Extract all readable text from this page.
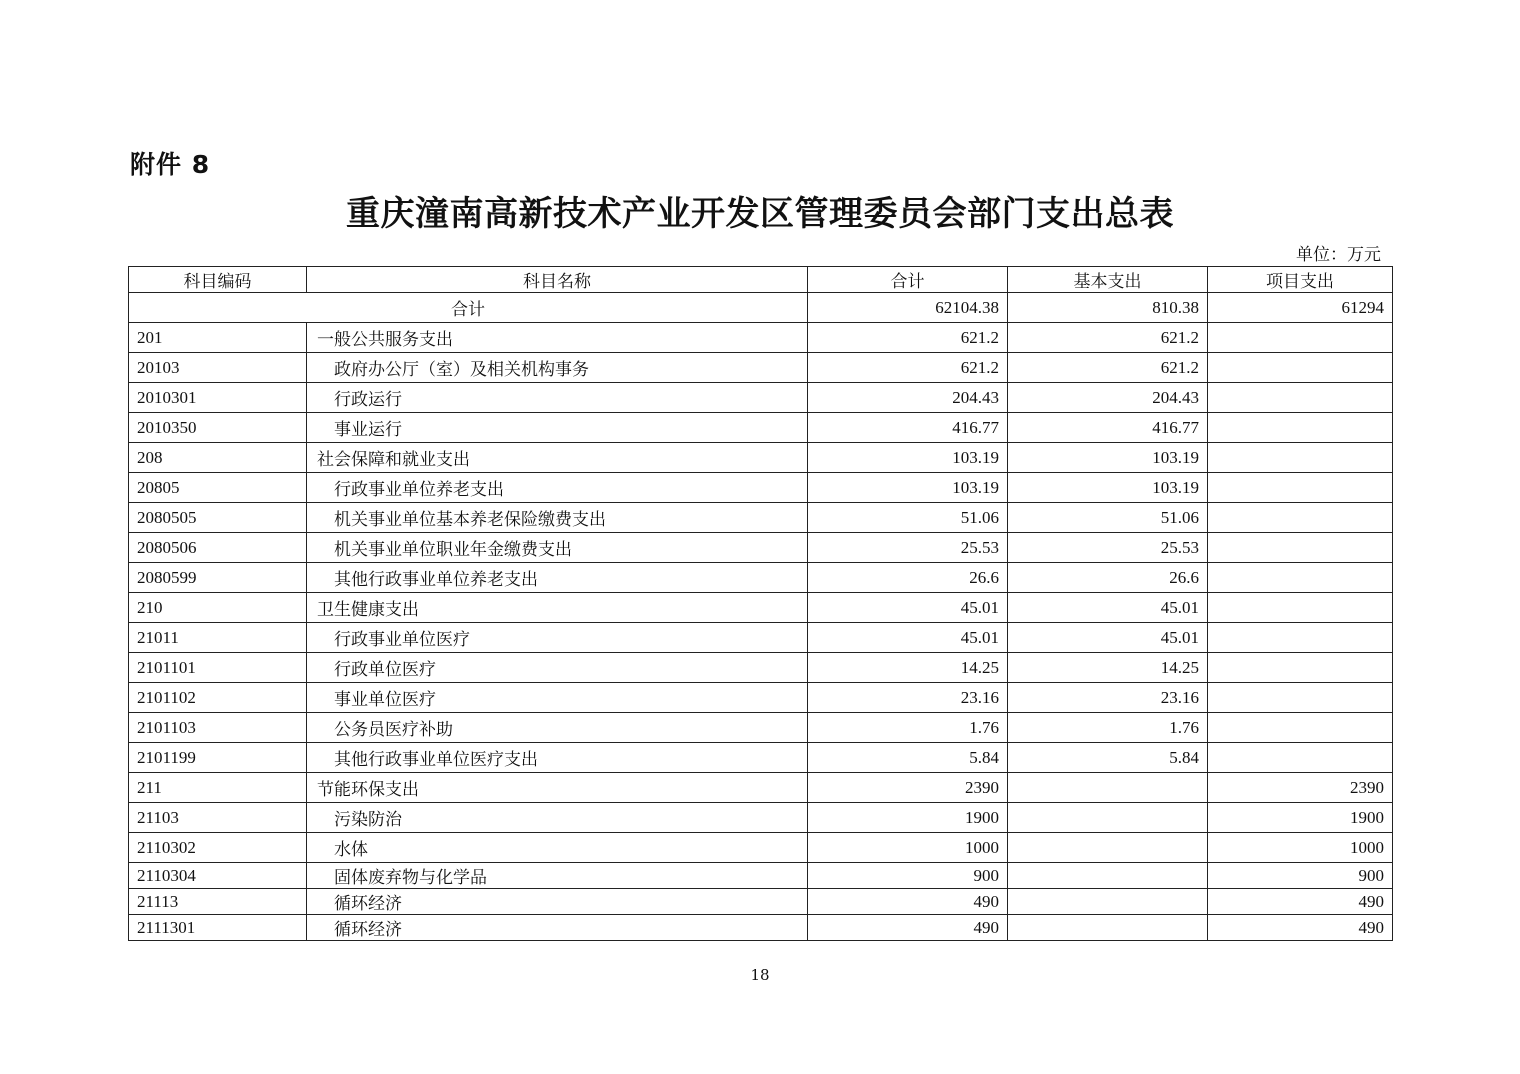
附件 8
重庆潼南高新技术产业开发区管理委员会部门支出总表
单位：万元
科目编码	科目名称	合计	基本支出	项目支出
合计		62104.38	810.38	61294
201	一般公共服务支出	621.2	621.2	
20103	政府办公厅（室）及相关机构事务	621.2	621.2	
2010301	行政运行	204.43	204.43	
2010350	事业运行	416.77	416.77	
208	社会保障和就业支出	103.19	103.19	
20805	行政事业单位养老支出	103.19	103.19	
2080505	机关事业单位基本养老保险缴费支出	51.06	51.06	
2080506	机关事业单位职业年金缴费支出	25.53	25.53	
2080599	其他行政事业单位养老支出	26.6	26.6	
210	卫生健康支出	45.01	45.01	
21011	行政事业单位医疗	45.01	45.01	
2101101	行政单位医疗	14.25	14.25	
2101102	事业单位医疗	23.16	23.16	
2101103	公务员医疗补助	1.76	1.76	
2101199	其他行政事业单位医疗支出	5.84	5.84	
211	节能环保支出	2390		2390
21103	污染防治	1900		1900
2110302	水体	1000		1000
2110304	固体废弃物与化学品	900		900
21113	循环经济	490		490
2111301	循环经济	490		490
18
